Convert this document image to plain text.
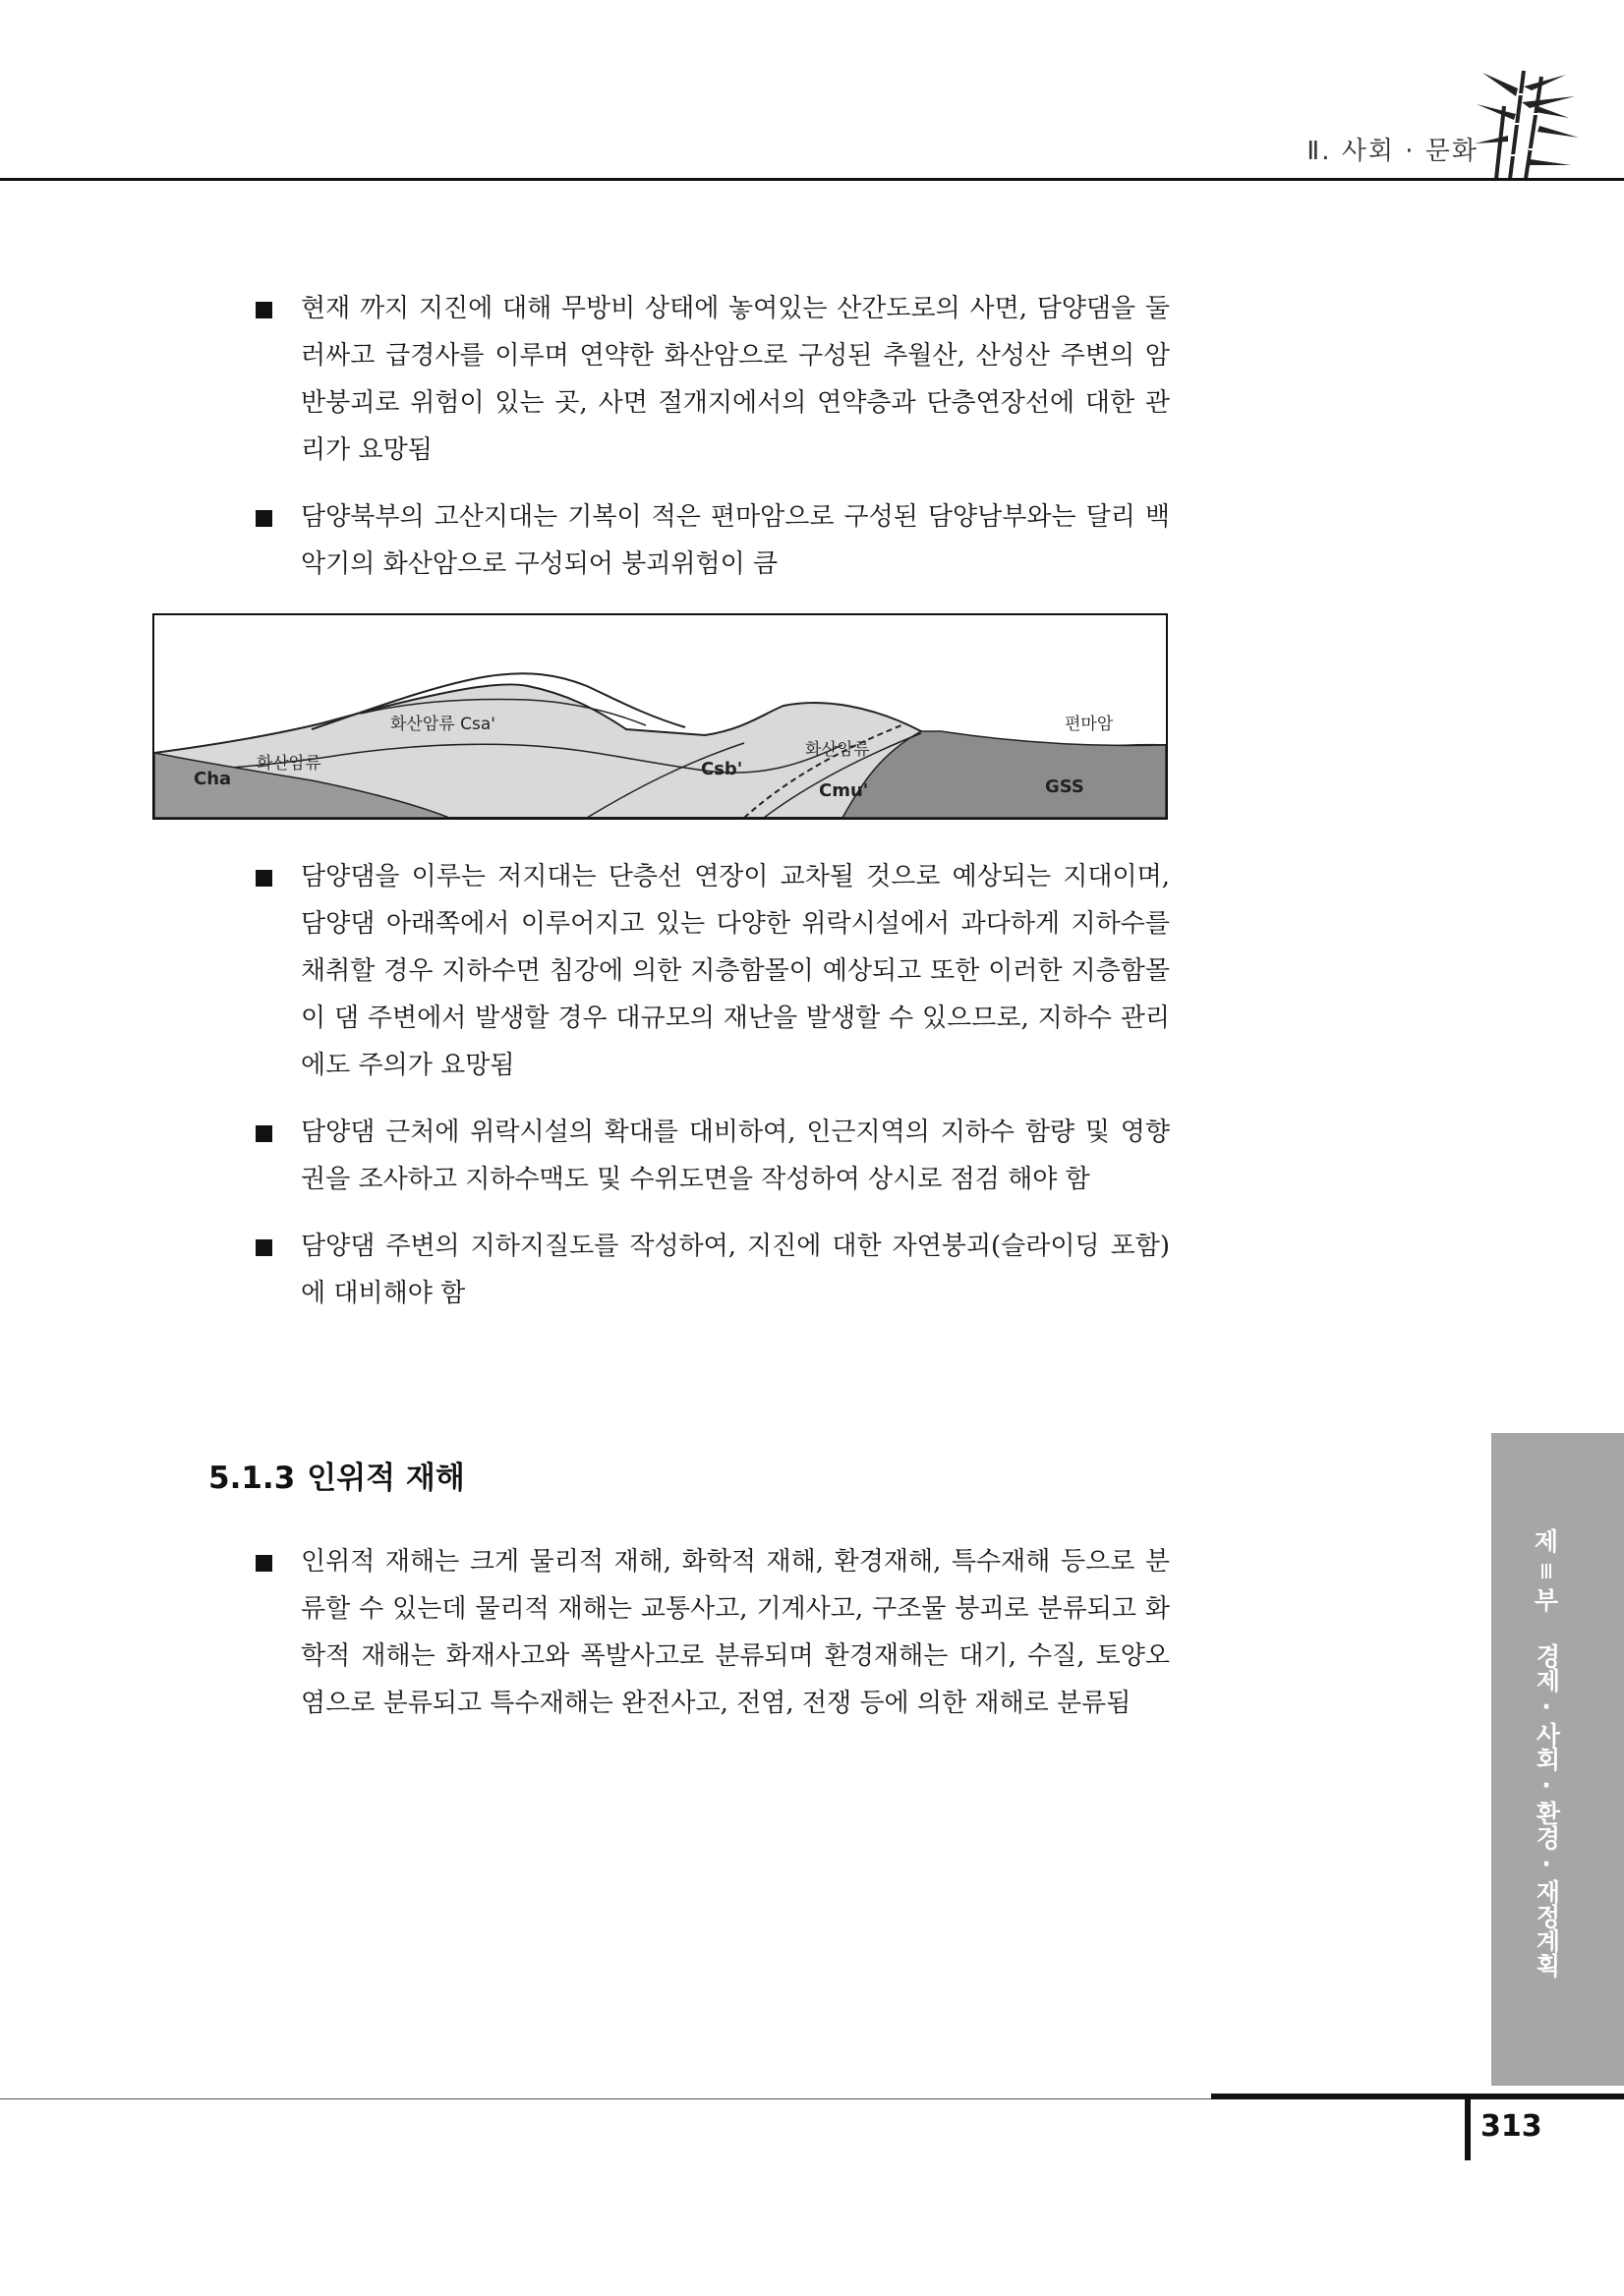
Ⅱ. 사회 · 문화
현재 까지 지진에 대해 무방비 상태에 놓여있는 산간도로의 사면, 담양댐을 둘러싸고 급경사를 이루며 연약한 화산암으로 구성된 추월산, 산성산 주변의 암반붕괴로 위험이 있는 곳, 사면 절개지에서의 연약층과 단층연장선에 대한 관리가 요망됨
담양북부의 고산지대는 기복이 적은 편마암으로 구성된 담양남부와는 달리 백악기의 화산암으로 구성되어 붕괴위험이 큼
화산암류 Csa'
화산암류
Cha	Csb'
화산암류
Cmu'
편마암
GSS
담양댐을 이루는 저지대는 단층선 연장이 교차될 것으로 예상되는 지대이며, 담양댐 아래쪽에서 이루어지고 있는 다양한 위락시설에서 과다하게 지하수를 채취할 경우 지하수면 침강에 의한 지층함몰이 예상되고 또한 이러한 지층함몰이 댐 주변에서 발생할 경우 대규모의 재난을 발생할 수 있으므로, 지하수 관리에도 주의가 요망됨
담양댐 근처에 위락시설의 확대를 대비하여, 인근지역의 지하수 함량 및 영향권을 조사하고 지하수맥도 및 수위도면을 작성하여 상시로 점검 해야 함
담양댐 주변의 지하지질도를 작성하여, 지진에 대한 자연붕괴(슬라이딩 포함)에 대비해야 함
5.1.3 인위적 재해
인위적 재해는 크게 물리적 재해, 화학적 재해, 환경재해, 특수재해 등으로 분류할 수 있는데 물리적 재해는 교통사고, 기계사고, 구조물 붕괴로 분류되고 화학적 재해는 화재사고와 폭발사고로 분류되며 환경재해는 대기, 수질, 토양오염으로 분류되고 특수재해는 완전사고, 전염, 전쟁 등에 의한 재해로 분류됨
제
Ⅲ
부
경제
·
사회
·
환경
·
재정계획
313
